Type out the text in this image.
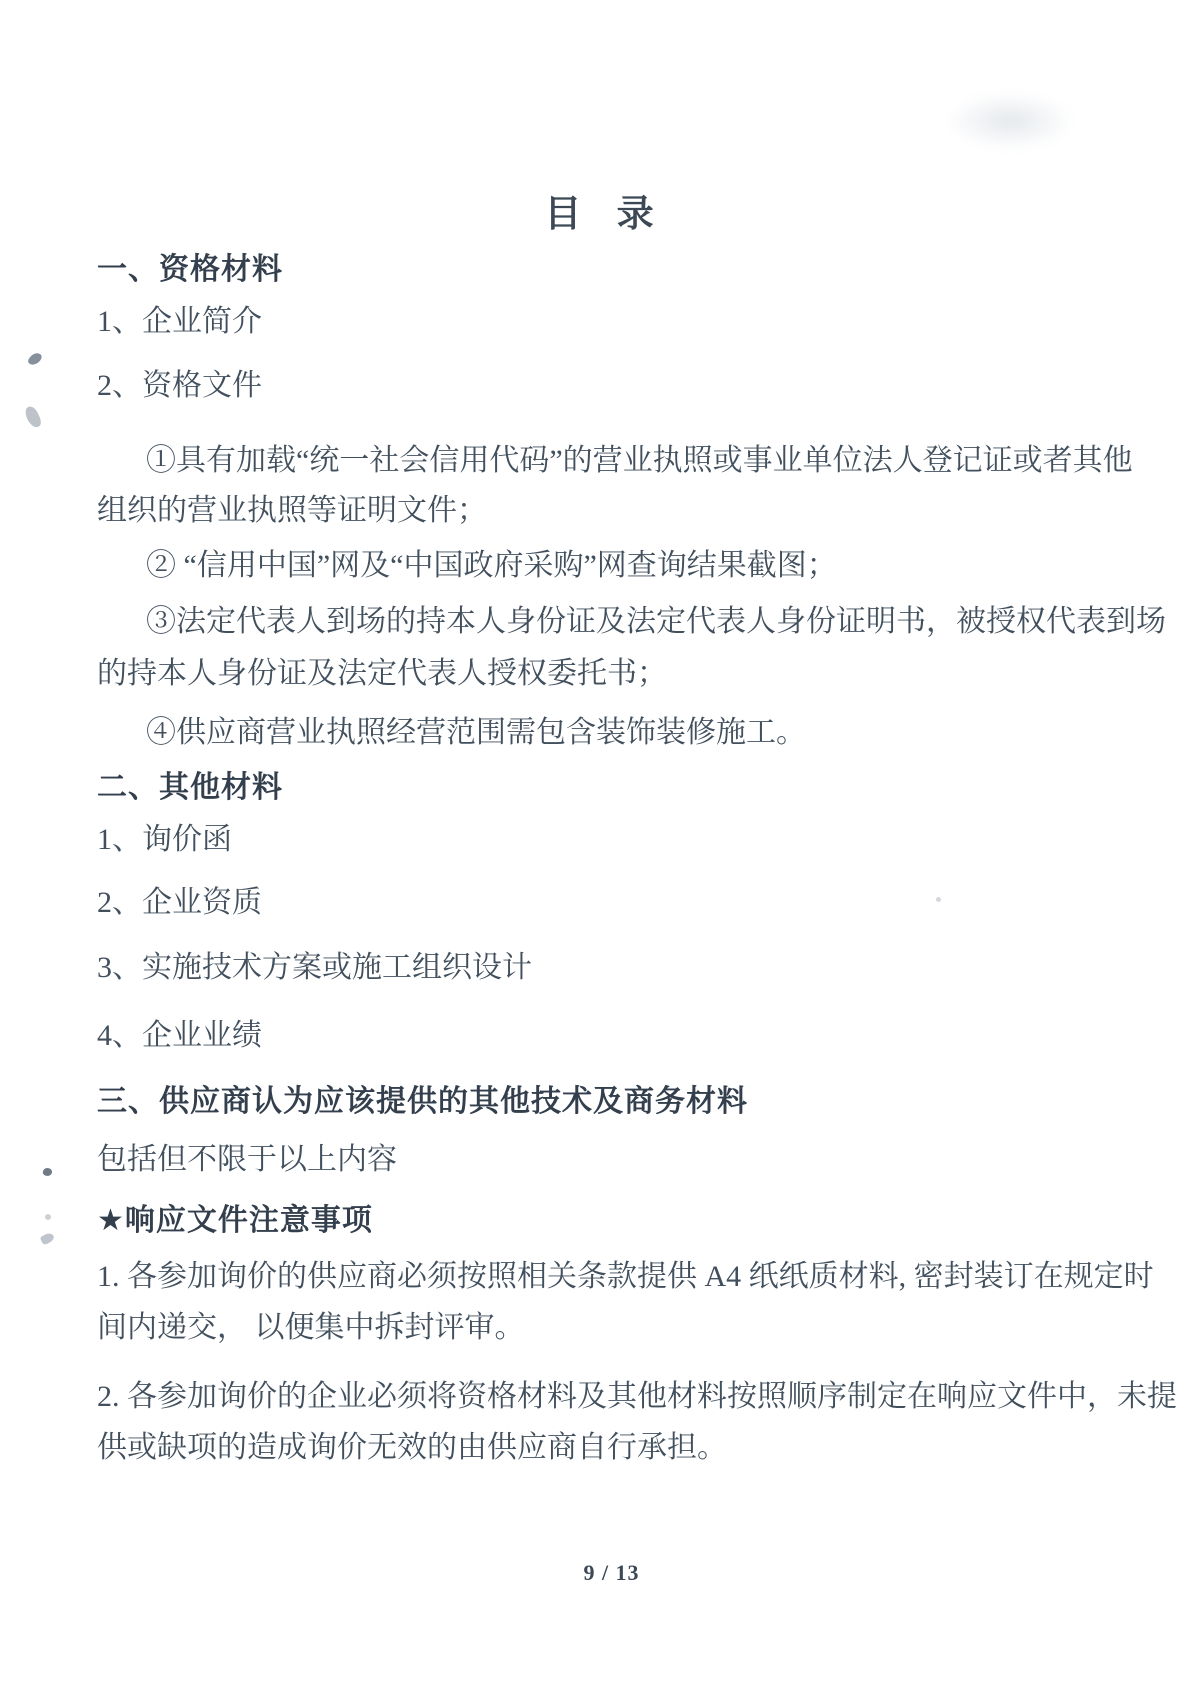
目 录
一、资格材料
1、企业简介
2、资格文件
①具有加载“统一社会信用代码”的营业执照或事业单位法人登记证或者其他
组织的营业执照等证明文件；
② “信用中国”网及“中国政府采购”网查询结果截图；
③法定代表人到场的持本人身份证及法定代表人身份证明书，被授权代表到场
的持本人身份证及法定代表人授权委托书；
④供应商营业执照经营范围需包含装饰装修施工。
二、其他材料
1、询价函
2、企业资质
3、实施技术方案或施工组织设计
4、企业业绩
三、供应商认为应该提供的其他技术及商务材料
包括但不限于以上内容
★响应文件注意事项
1. 各参加询价的供应商必须按照相关条款提供 A4 纸纸质材料, 密封装订在规定时
间内递交， 以便集中拆封评审。
2. 各参加询价的企业必须将资格材料及其他材料按照顺序制定在响应文件中，未提
供或缺项的造成询价无效的由供应商自行承担。
9 / 13
